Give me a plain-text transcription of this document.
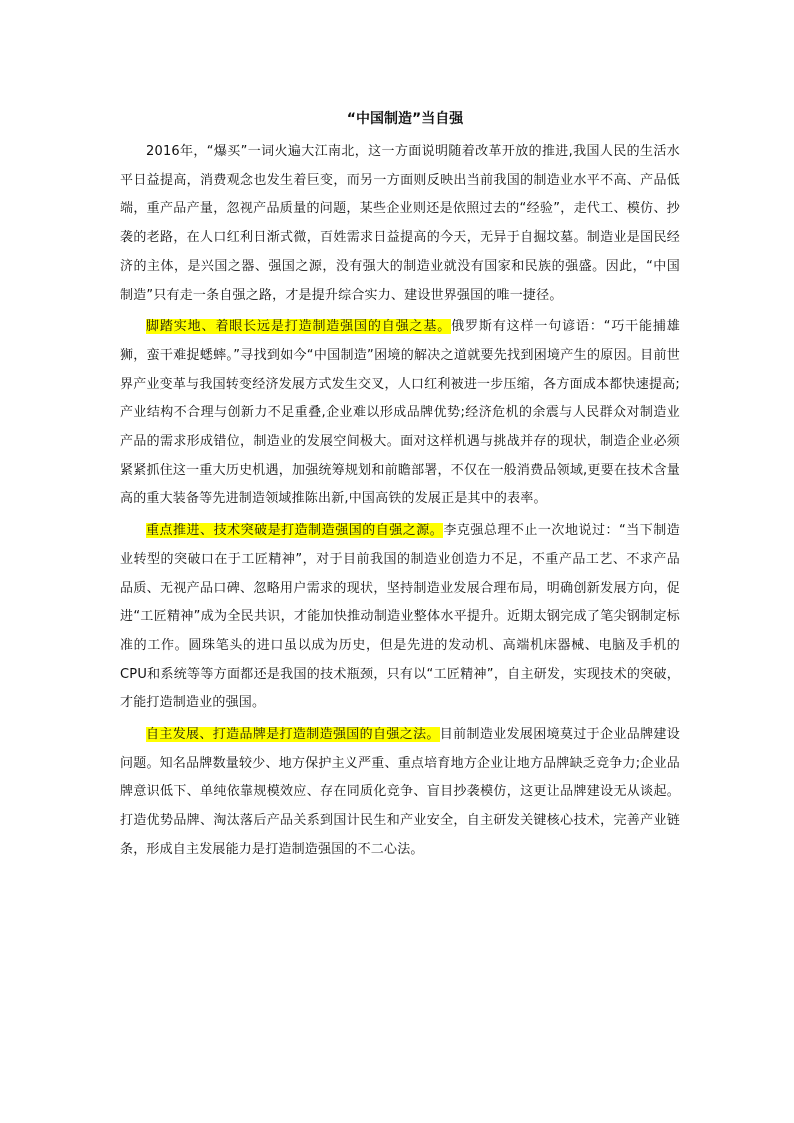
“中国制造”当自强

2016年，“爆买”一词火遍大江南北，这一方面说明随着改革开放的推进,我国人民的生活水平日益提高，消费观念也发生着巨变，而另一方面则反映出当前我国的制造业水平不高、产品低端，重产品产量，忽视产品质量的问题，某些企业则还是依照过去的“经验”，走代工、模仿、抄袭的老路，在人口红利日渐式微，百姓需求日益提高的今天，无异于自掘坟墓。制造业是国民经济的主体，是兴国之器、强国之源，没有强大的制造业就没有国家和民族的强盛。因此，“中国制造”只有走一条自强之路，才是提升综合实力、建设世界强国的唯一捷径。

脚踏实地、着眼长远是打造制造强国的自强之基。俄罗斯有这样一句谚语：“巧干能捕雄狮，蛮干难捉蟋蟀。”寻找到如今“中国制造”困境的解决之道就要先找到困境产生的原因。目前世界产业变革与我国转变经济发展方式发生交叉，人口红利被进一步压缩，各方面成本都快速提高;产业结构不合理与创新力不足重叠,企业难以形成品牌优势;经济危机的余震与人民群众对制造业产品的需求形成错位，制造业的发展空间极大。面对这样机遇与挑战并存的现状，制造企业必须紧紧抓住这一重大历史机遇，加强统筹规划和前瞻部署，不仅在一般消费品领域,更要在技术含量高的重大装备等先进制造领域推陈出新,中国高铁的发展正是其中的表率。

重点推进、技术突破是打造制造强国的自强之源。李克强总理不止一次地说过：“当下制造业转型的突破口在于工匠精神”，对于目前我国的制造业创造力不足，不重产品工艺、不求产品品质、无视产品口碑、忽略用户需求的现状，坚持制造业发展合理布局，明确创新发展方向，促进“工匠精神”成为全民共识，才能加快推动制造业整体水平提升。近期太钢完成了笔尖钢制定标准的工作。圆珠笔头的进口虽以成为历史，但是先进的发动机、高端机床器械、电脑及手机的CPU和系统等等方面都还是我国的技术瓶颈，只有以“工匠精神”，自主研发，实现技术的突破，才能打造制造业的强国。

自主发展、打造品牌是打造制造强国的自强之法。目前制造业发展困境莫过于企业品牌建设问题。知名品牌数量较少、地方保护主义严重、重点培育地方企业让地方品牌缺乏竞争力;企业品牌意识低下、单纯依靠规模效应、存在同质化竞争、盲目抄袭模仿，这更让品牌建设无从谈起。打造优势品牌、淘汰落后产品关系到国计民生和产业安全，自主研发关键核心技术，完善产业链条，形成自主发展能力是打造制造强国的不二心法。
